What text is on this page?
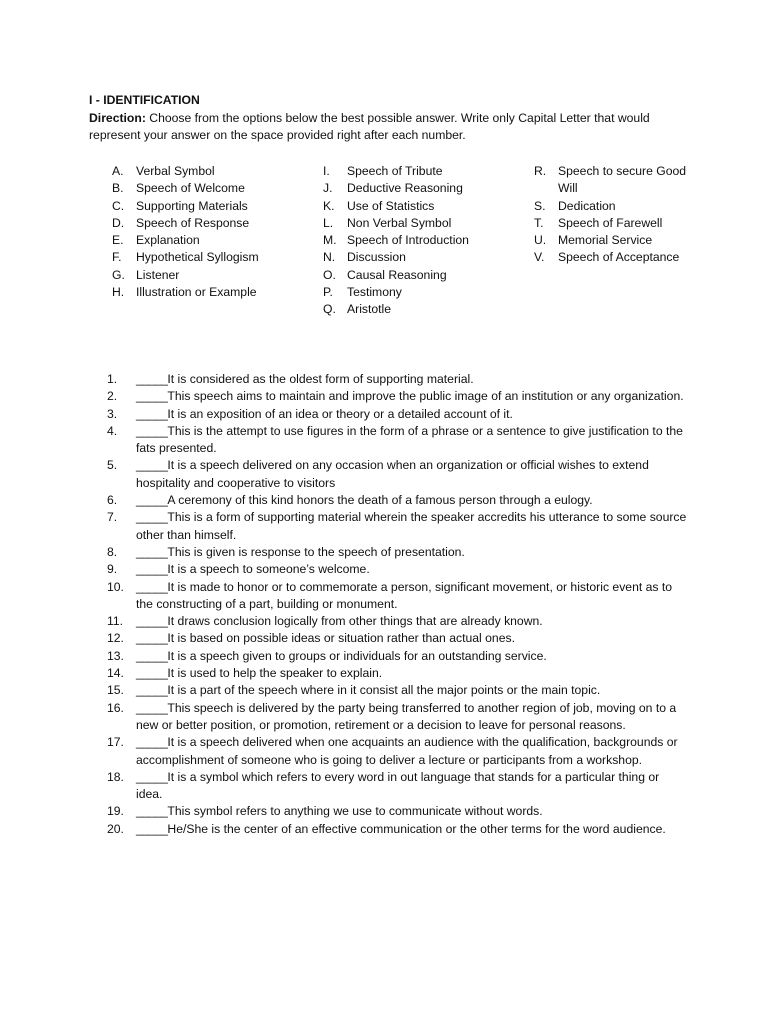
I - IDENTIFICATION
Direction: Choose from the options below the best possible answer. Write only Capital Letter that would represent your answer on the space provided right after each number.
A.	Verbal Symbol
B.	Speech of Welcome
C. Supporting Materials
D. Speech of Response
E.	Explanation
F.	Hypothetical Syllogism
G. Listener
H. Illustration or Example
I.	Speech of Tribute
J.	Deductive Reasoning
K.	Use of Statistics
L.	Non Verbal Symbol
M. Speech of Introduction
N. Discussion
O. Causal Reasoning
P.	Testimony
Q. Aristotle
R. Speech to secure Good Will
S.	Dedication
T.	Speech of Farewell
U. Memorial Service
V.	Speech of Acceptance
1.	_____It is considered as the oldest form of supporting material.
2.	_____This speech aims to maintain and improve the public image of an institution or any organization.
3.	_____It is an exposition of an idea or theory or a detailed account of it.
4.	_____This is the attempt to use figures in the form of a phrase or a sentence to give justification to the fats presented.
5.	_____It is a speech delivered on any occasion when an organization or official wishes to extend hospitality and cooperative to visitors
6.	_____A ceremony of this kind honors the death of a famous person through a eulogy.
7.	_____This is a form of supporting material wherein the speaker accredits his utterance to some source other than himself.
8.	_____This is given is response to the speech of presentation.
9.	_____It is a speech to someone’s welcome.
10. _____It is made to honor or to commemorate a person, significant movement, or historic event as to the constructing of a part, building or monument.
11.	_____It draws conclusion logically from other things that are already known.
12. _____It is based on possible ideas or situation rather than actual ones.
13. _____It is a speech given to groups or individuals for an outstanding service.
14. _____It is used to help the speaker to explain.
15. _____It is a part of the speech where in it consist all the major points or the main topic.
16. _____This speech is delivered by the party being transferred to another region of job, moving on to a new or better position, or promotion, retirement or a decision to leave for personal reasons.
17. _____It is a speech delivered when one acquaints an audience with the qualification, backgrounds or accomplishment of someone who is going to deliver a lecture or participants from a workshop.
18. _____It is a symbol which refers to every word in out language that stands for a particular thing or idea.
19. _____This symbol refers to anything we use to communicate without words.
20. _____He/She is the center of an effective communication or the other terms for the word audience.
